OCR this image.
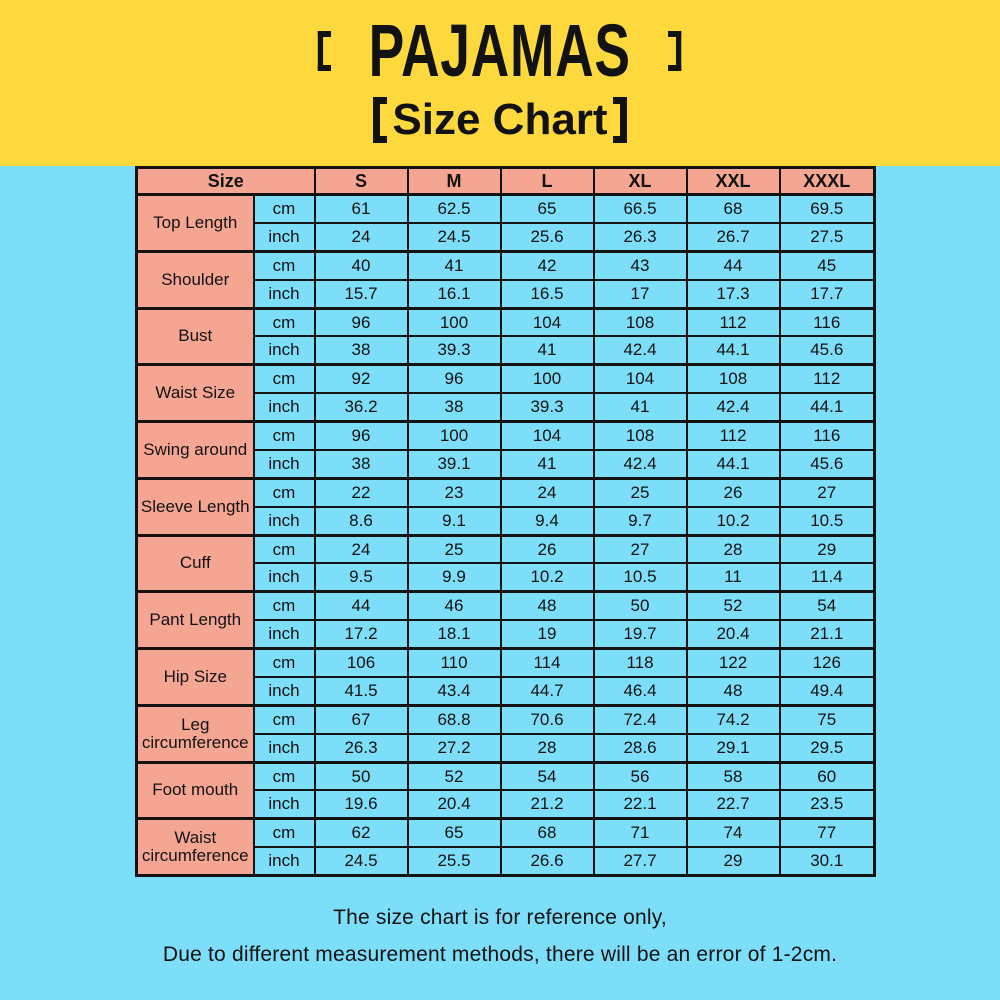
PAJAMAS
Size Chart
Size		S	M	L	XL	XXL	XXXL
Top Length	cm	61	62.5	65	66.5	68	69.5
	inch	24	24.5	25.6	26.3	26.7	27.5
Shoulder	cm	40	41	42	43	44	45
	inch	15.7	16.1	16.5	17	17.3	17.7
Bust	cm	96	100	104	108	112	116
	inch	38	39.3	41	42.4	44.1	45.6
Waist Size	cm	92	96	100	104	108	112
	inch	36.2	38	39.3	41	42.4	44.1
Swing around	cm	96	100	104	108	112	116
	inch	38	39.1	41	42.4	44.1	45.6
Sleeve Length	cm	22	23	24	25	26	27
	inch	8.6	9.1	9.4	9.7	10.2	10.5
Cuff	cm	24	25	26	27	28	29
	inch	9.5	9.9	10.2	10.5	11	11.4
Pant Length	cm	44	46	48	50	52	54
	inch	17.2	18.1	19	19.7	20.4	21.1
Hip Size	cm	106	110	114	118	122	126
	inch	41.5	43.4	44.7	46.4	48	49.4
Leg circumference	cm	67	68.8	70.6	72.4	74.2	75
	inch	26.3	27.2	28	28.6	29.1	29.5
Foot mouth	cm	50	52	54	56	58	60
	inch	19.6	20.4	21.2	22.1	22.7	23.5
Waist circumference	cm	62	65	68	71	74	77
	inch	24.5	25.5	26.6	27.7	29	30.1
The size chart is for reference only,
Due to different measurement methods, there will be an error of 1-2cm.
